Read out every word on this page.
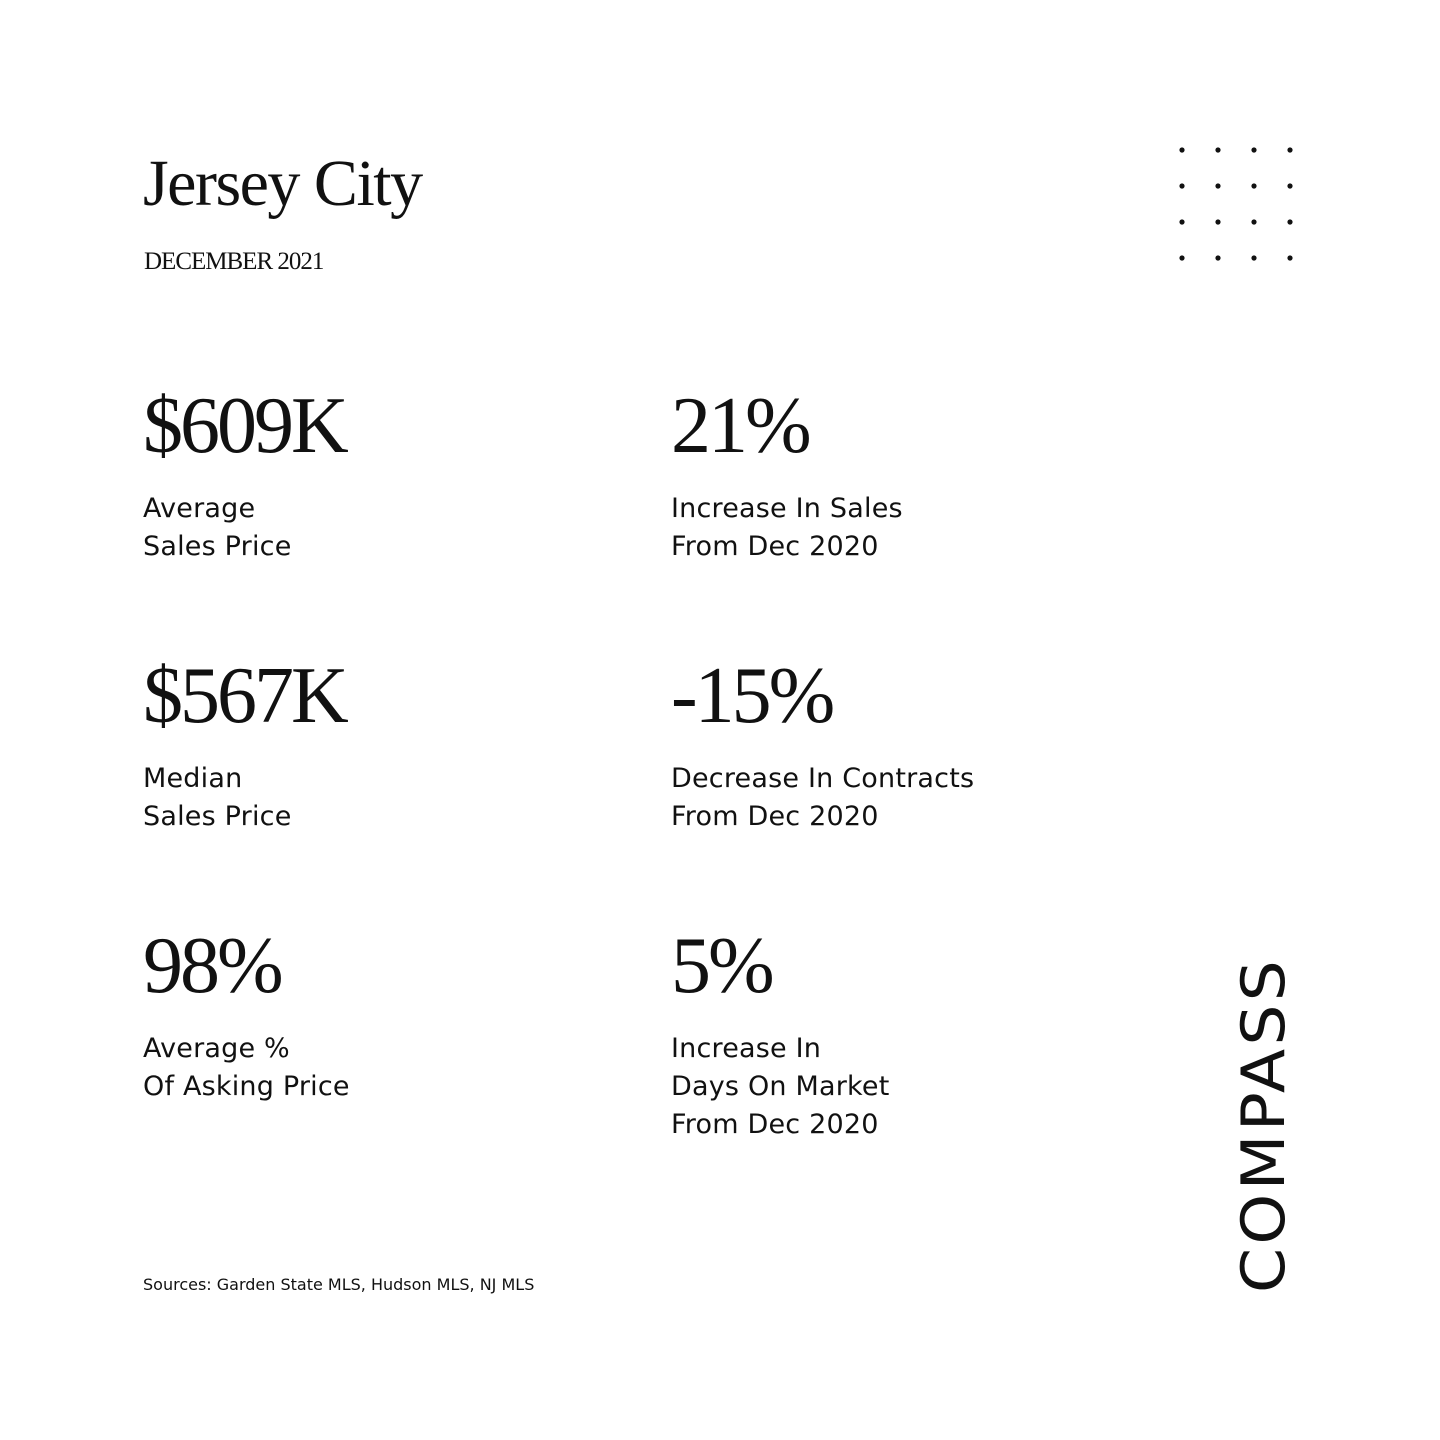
Jersey City
DECEMBER 2021
$609K
Average
Sales Price
21%
Increase In Sales
From Dec 2020
$567K
Median
Sales Price
-15%
Decrease In Contracts
From Dec 2020
98%
Average %
Of Asking Price
5%
Increase In
Days On Market
From Dec 2020
Sources: Garden State MLS, Hudson MLS, NJ MLS	COMPASS
